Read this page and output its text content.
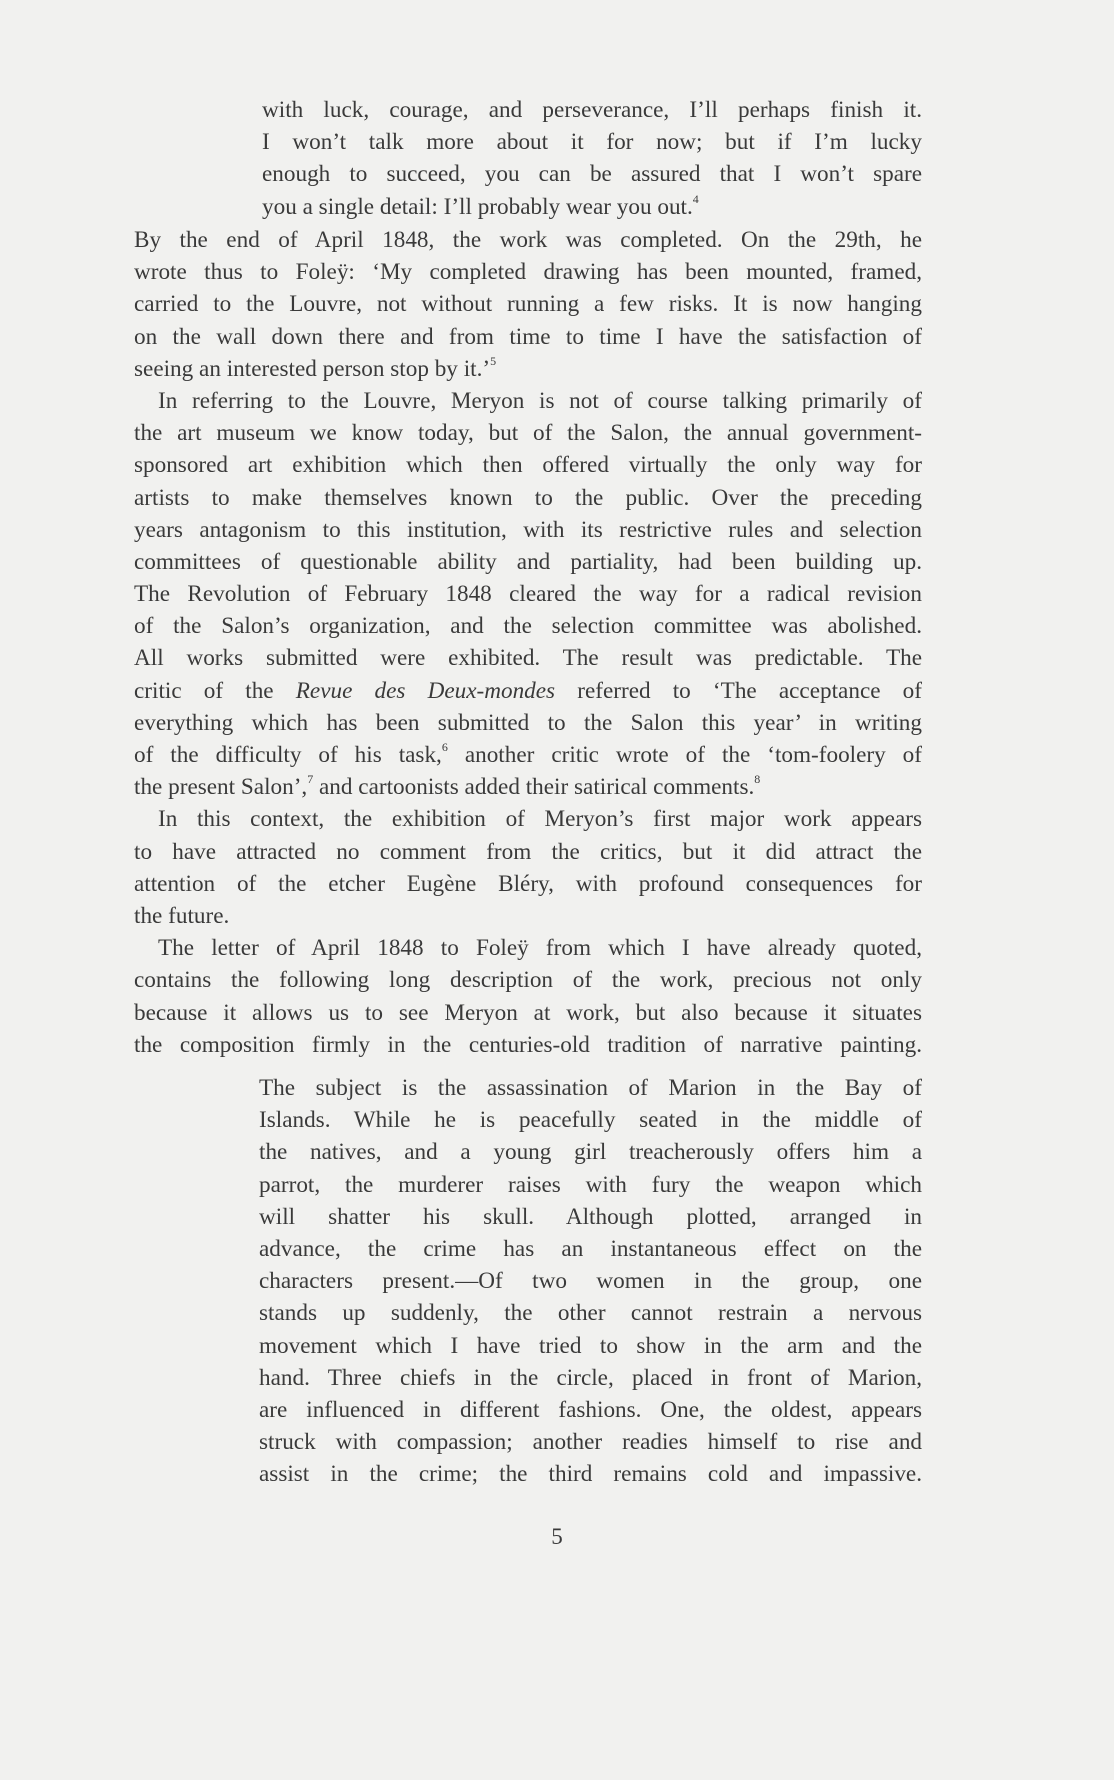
with luck, courage, and perseverance, I’ll perhaps finish it.
I won’t talk more about it for now; but if I’m lucky
enough to succeed, you can be assured that I won’t spare
you a single detail: I’ll probably wear you out.$^4$
By the end of April 1848, the work was completed. On the 29th, he
wrote thus to Foleÿ: ‘My completed drawing has been mounted, framed,
carried to the Louvre, not without running a few risks. It is now hanging
on the wall down there and from time to time I have the satisfaction of
seeing an interested person stop by it.’$^5$
In referring to the Louvre, Meryon is not of course talking primarily of
the art museum we know today, but of the Salon, the annual government-
sponsored art exhibition which then offered virtually the only way for
artists to make themselves known to the public. Over the preceding
years antagonism to this institution, with its restrictive rules and selection
committees of questionable ability and partiality, had been building up.
The Revolution of February 1848 cleared the way for a radical revision
of the Salon’s organization, and the selection committee was abolished.
All works submitted were exhibited. The result was predictable. The
critic of the Revue des Deux-mondes referred to ‘The acceptance of
everything which has been submitted to the Salon this year’ in writing
of the difficulty of his task,$^6$ another critic wrote of the ‘tom-foolery of
the present Salon’,$^7$ and cartoonists added their satirical comments.$^8$
In this context, the exhibition of Meryon’s first major work appears
to have attracted no comment from the critics, but it did attract the
attention of the etcher Eugène Bléry, with profound consequences for
the future.
The letter of April 1848 to Foleÿ from which I have already quoted,
contains the following long description of the work, precious not only
because it allows us to see Meryon at work, but also because it situates
the composition firmly in the centuries-old tradition of narrative painting.
The subject is the assassination of Marion in the Bay of
Islands. While he is peacefully seated in the middle of
the natives, and a young girl treacherously offers him a
parrot, the murderer raises with fury the weapon which
will shatter his skull. Although plotted, arranged in
advance, the crime has an instantaneous effect on the
characters present.—Of two women in the group, one
stands up suddenly, the other cannot restrain a nervous
movement which I have tried to show in the arm and the
hand. Three chiefs in the circle, placed in front of Marion,
are influenced in different fashions. One, the oldest, appears
struck with compassion; another readies himself to rise and
assist in the crime; the third remains cold and impassive.
5
